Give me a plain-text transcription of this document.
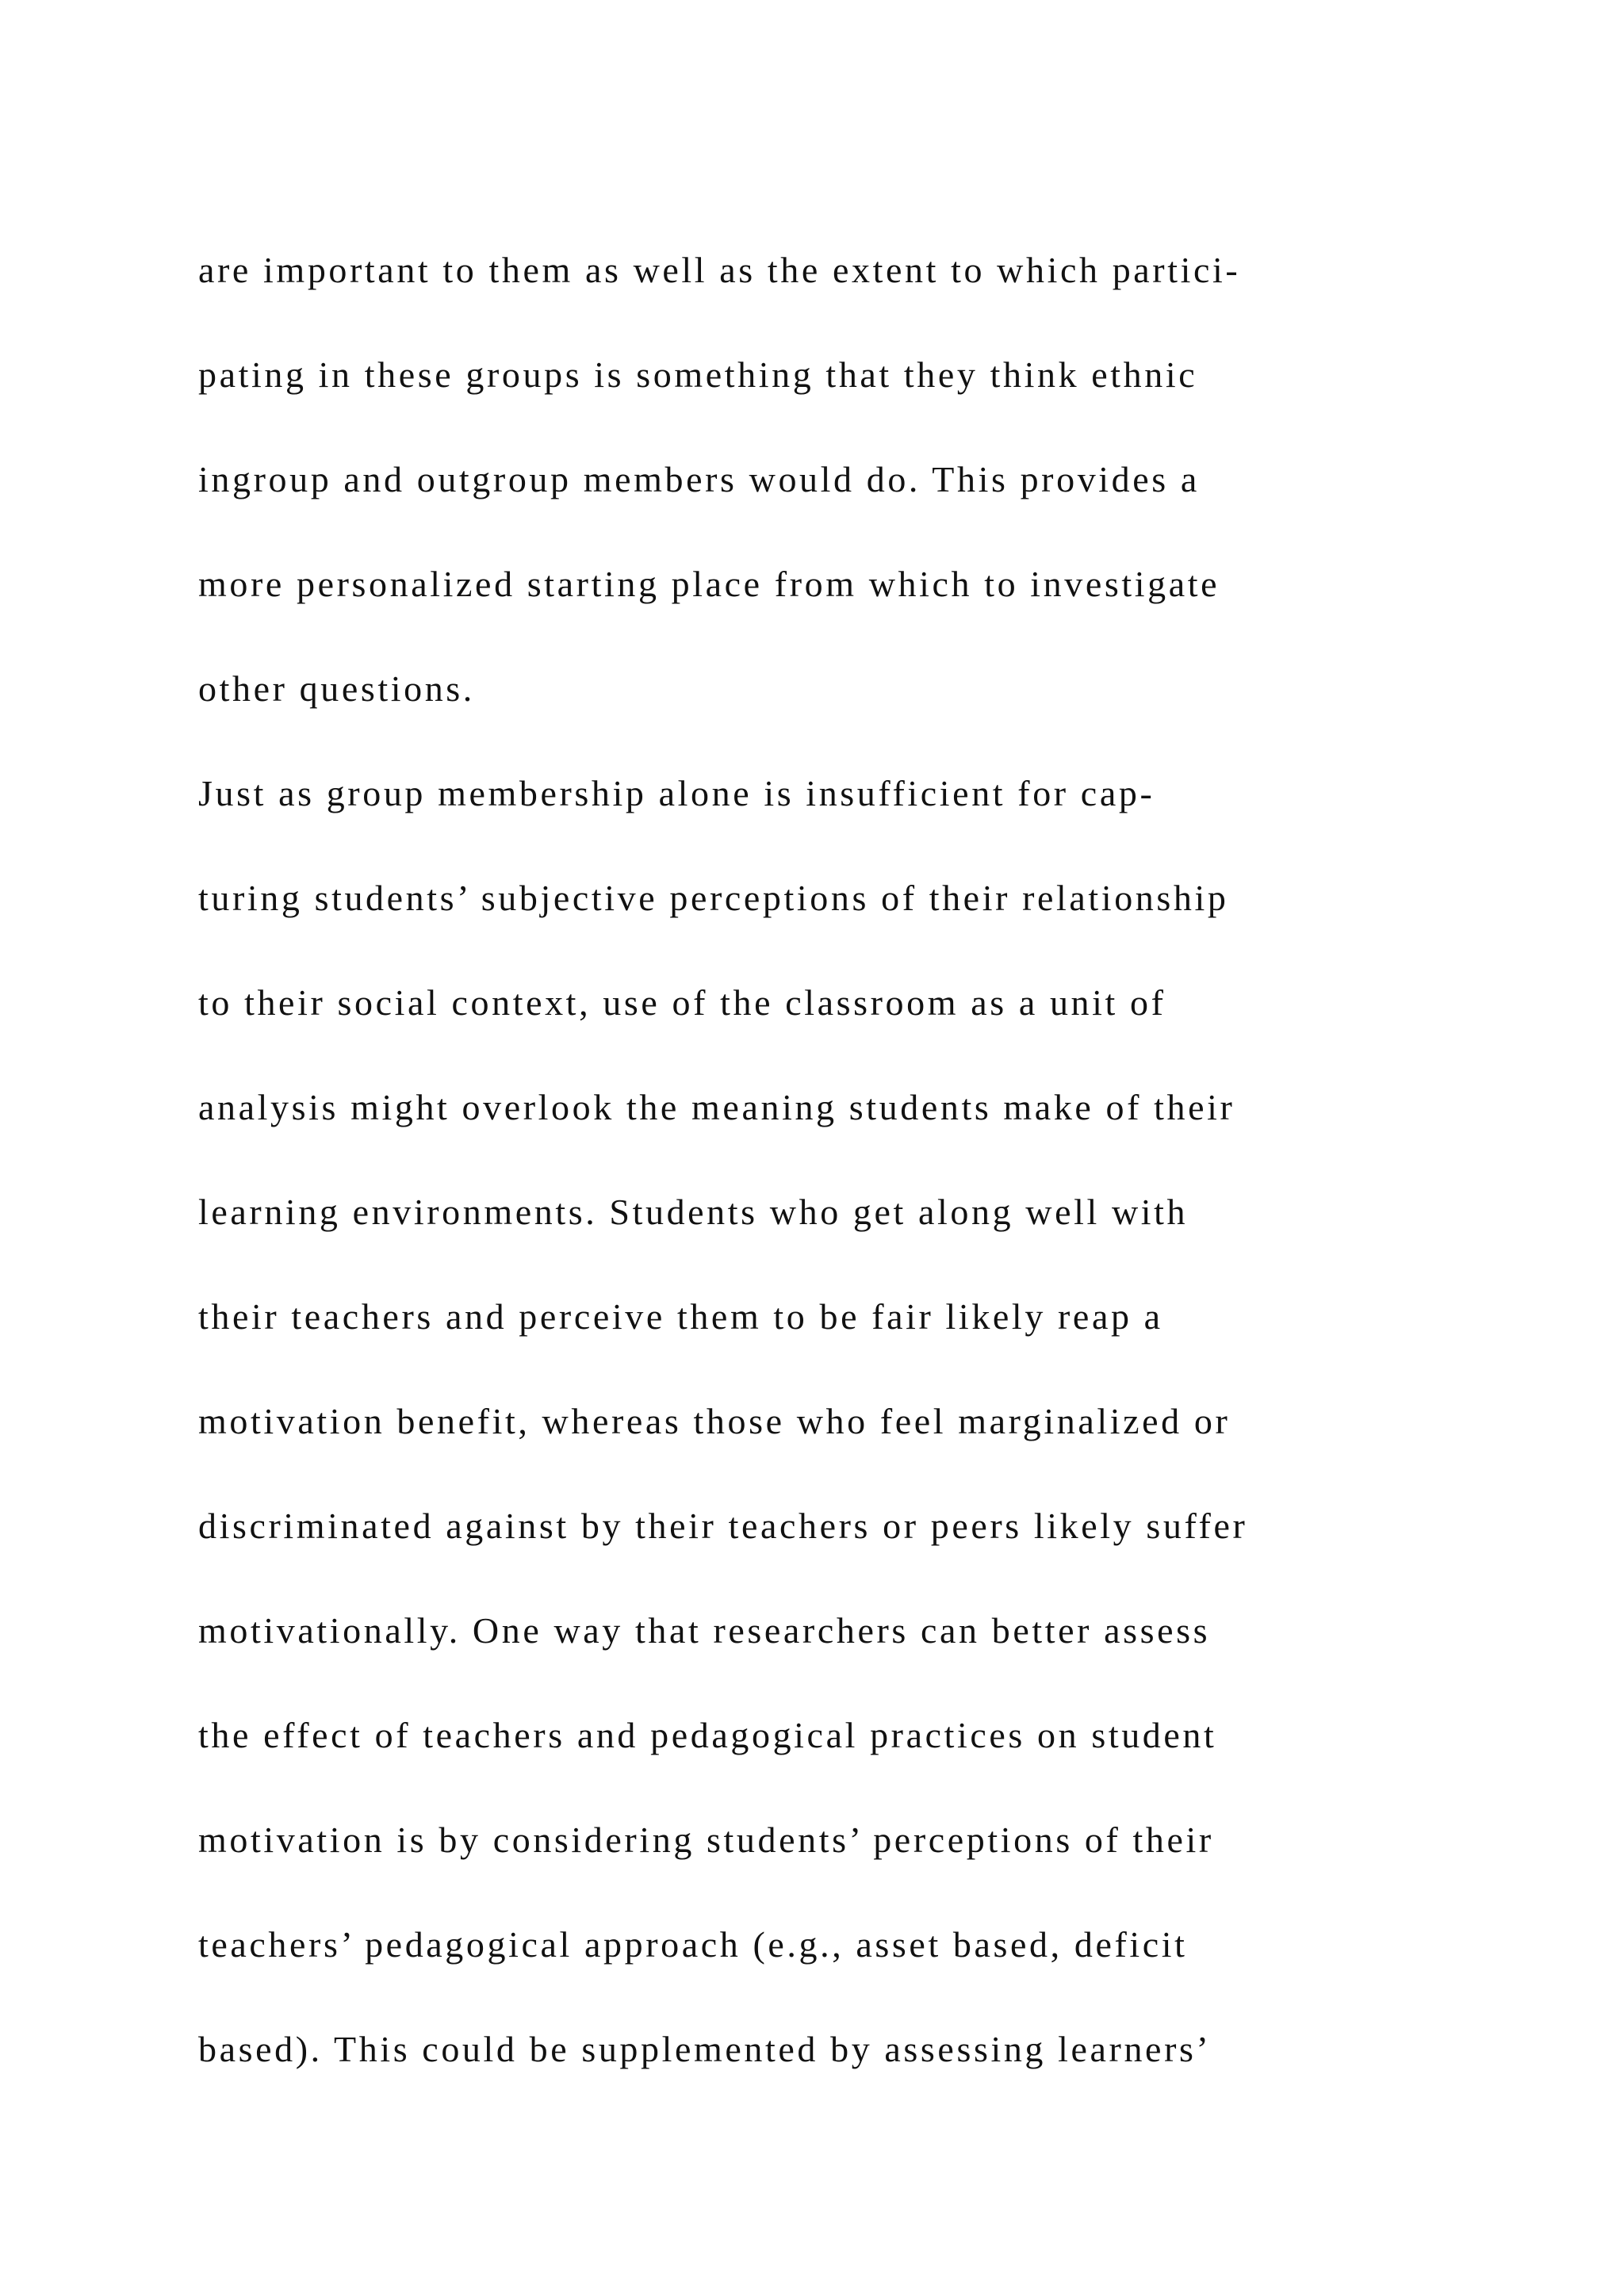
are important to them as well as the extent to which partici-

pating in these groups is something that they think ethnic

ingroup and outgroup members would do. This provides a

more personalized starting place from which to investigate

other questions.

Just as group membership alone is insufficient for cap-

turing students’ subjective perceptions of their relationship

to their social context, use of the classroom as a unit of

analysis might overlook the meaning students make of their

learning environments. Students who get along well with

their teachers and perceive them to be fair likely reap a

motivation benefit, whereas those who feel marginalized or

discriminated against by their teachers or peers likely suffer

motivationally. One way that researchers can better assess

the effect of teachers and pedagogical practices on student

motivation is by considering students’ perceptions of their

teachers’ pedagogical approach (e.g., asset based, deficit

based). This could be supplemented by assessing learners’
